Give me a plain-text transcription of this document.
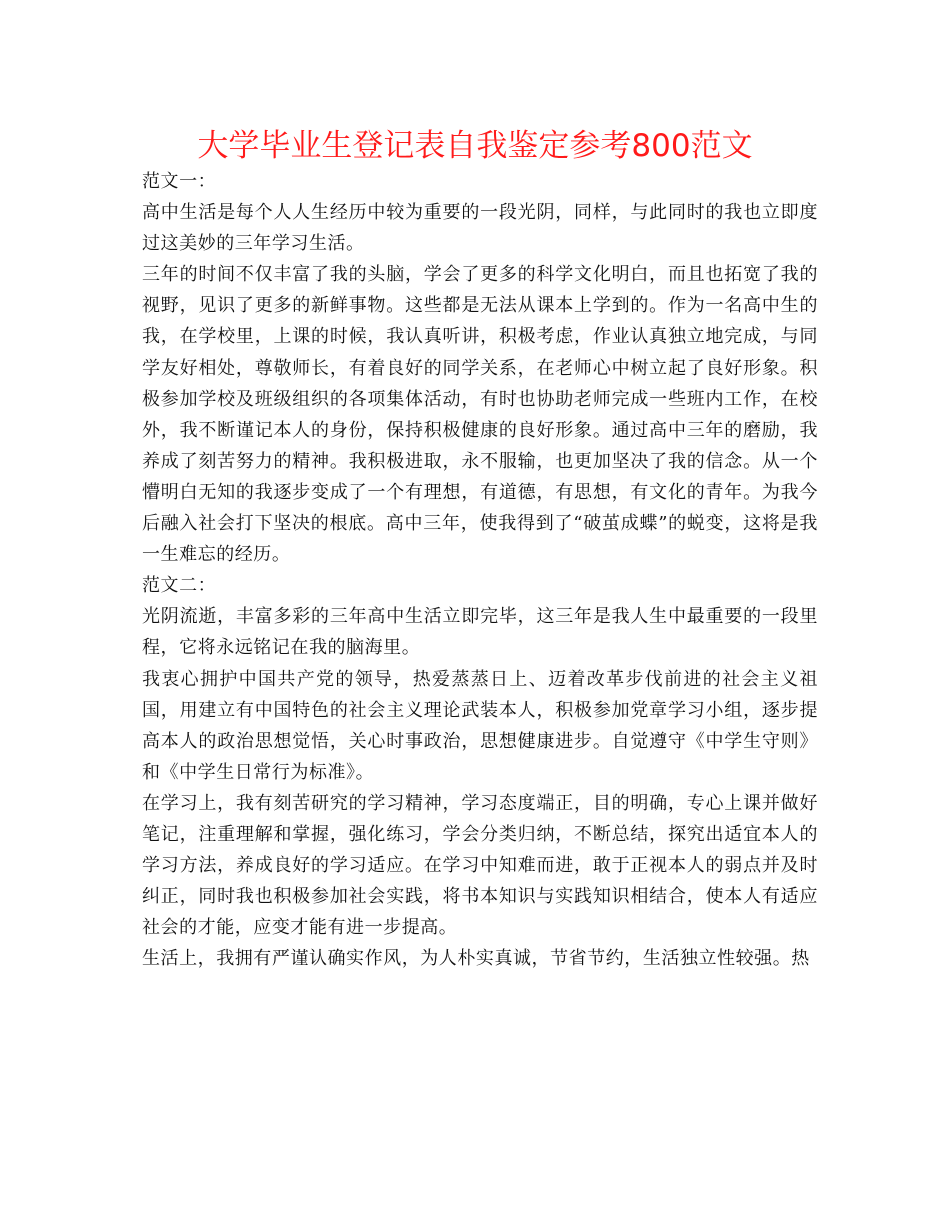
大学毕业生登记表自我鉴定参考800范文

范文一：

高中生活是每个人人生经历中较为重要的一段光阴，同样，与此同时的我也立即度过这美妙的三年学习生活。

三年的时间不仅丰富了我的头脑，学会了更多的科学文化明白，而且也拓宽了我的视野，见识了更多的新鲜事物。这些都是无法从课本上学到的。作为一名高中生的我，在学校里，上课的时候，我认真听讲，积极考虑，作业认真独立地完成，与同学友好相处，尊敬师长，有着良好的同学关系，在老师心中树立起了良好形象。积极参加学校及班级组织的各项集体活动，有时也协助老师完成一些班内工作，在校外，我不断谨记本人的身份，保持积极健康的良好形象。通过高中三年的磨励，我养成了刻苦努力的精神。我积极进取，永不服输，也更加坚决了我的信念。从一个懵明白无知的我逐步变成了一个有理想，有道德，有思想，有文化的青年。为我今后融入社会打下坚决的根底。高中三年，使我得到了“破茧成蝶”的蜕变，这将是我一生难忘的经历。

范文二：

光阴流逝，丰富多彩的三年高中生活立即完毕，这三年是我人生中最重要的一段里程，它将永远铭记在我的脑海里。

我衷心拥护中国共产党的领导，热爱蒸蒸日上、迈着改革步伐前进的社会主义祖国，用建立有中国特色的社会主义理论武装本人，积极参加党章学习小组，逐步提高本人的政治思想觉悟，关心时事政治，思想健康进步。自觉遵守《中学生守则》和《中学生日常行为标准》。

在学习上，我有刻苦研究的学习精神，学习态度端正，目的明确，专心上课并做好笔记，注重理解和掌握，强化练习，学会分类归纳，不断总结，探究出适宜本人的学习方法，养成良好的学习适应。在学习中知难而进，敢于正视本人的弱点并及时纠正，同时我也积极参加社会实践，将书本知识与实践知识相结合，使本人有适应社会的才能，应变才能有进一步提高。

生活上，我拥有严谨认确实作风，为人朴实真诚，节省节约，生活独立性较强。热
